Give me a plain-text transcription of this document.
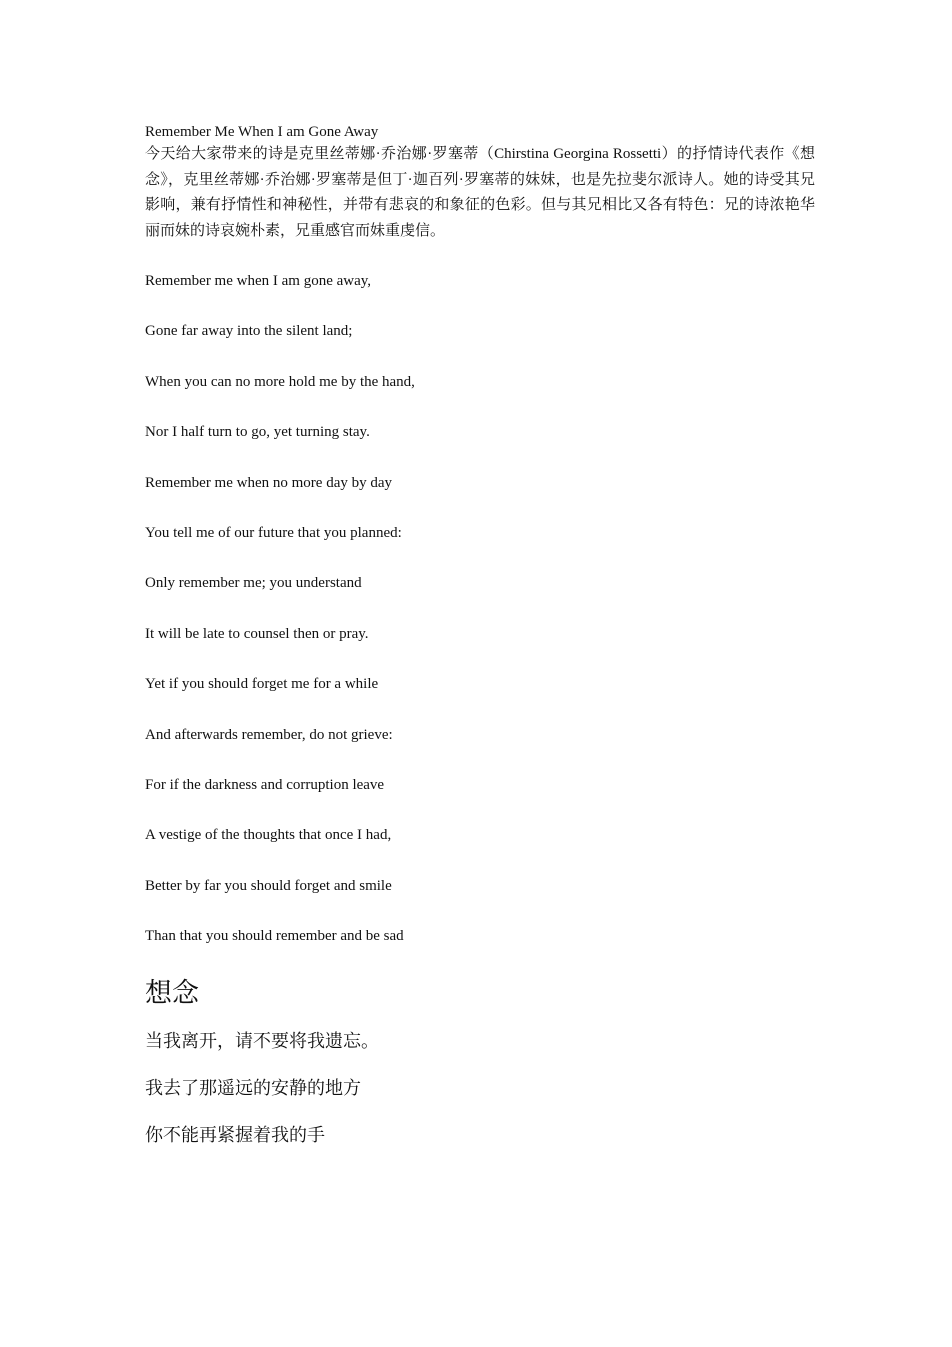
Remember Me When I am Gone Away

今天给大家带来的诗是克里丝蒂娜·乔治娜·罗塞蒂（Chirstina Georgina Rossetti）的抒情诗代表作《想念》，克里丝蒂娜·乔治娜·罗塞蒂是但丁·迦百列·罗塞蒂的妹妹，也是先拉斐尔派诗人。她的诗受其兄影响，兼有抒情性和神秘性，并带有悲哀的和象征的色彩。但与其兄相比又各有特色：兄的诗浓艳华丽而妹的诗哀婉朴素，兄重感官而妹重虔信。

Remember me when I am gone away,

Gone far away into the silent land;

When you can no more hold me by the hand,

Nor I half turn to go, yet turning stay.

Remember me when no more day by day

You tell me of our future that you planned:

Only remember me; you understand

It will be late to counsel then or pray.

Yet if you should forget me for a while

And afterwards remember, do not grieve:

For if the darkness and corruption leave

A vestige of the thoughts that once I had,

Better by far you should forget and smile

Than that you should remember and be sad

想念

当我离开，请不要将我遗忘。

我去了那遥远的安静的地方

你不能再紧握着我的手
